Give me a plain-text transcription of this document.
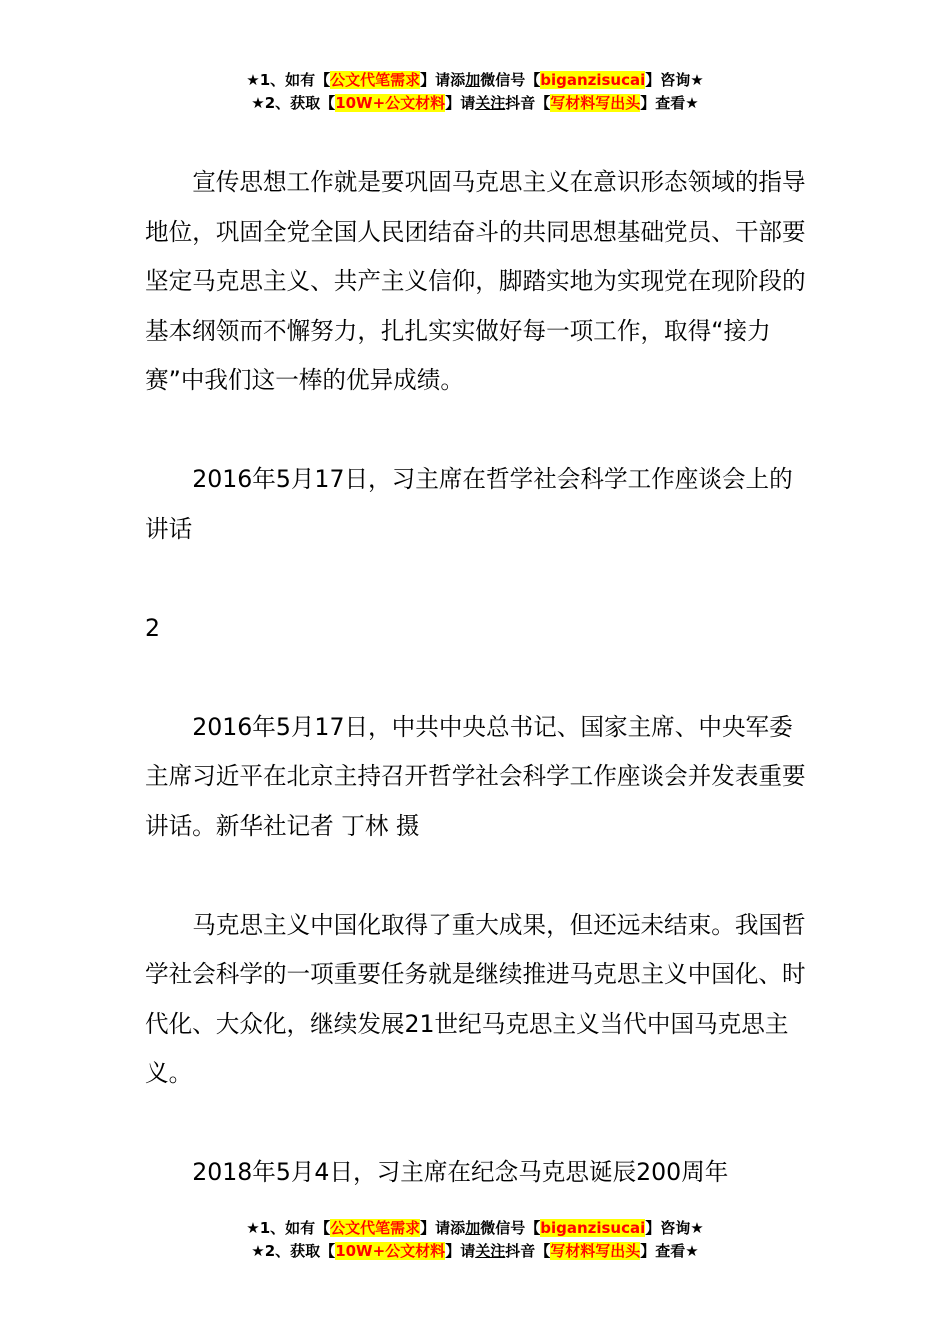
★1、如有【公文代笔需求】请添加微信号【biganzisucai】咨询★
★2、获取【10W+公文材料】请关注抖音【写材料写出头】查看★

宣传思想工作就是要巩固马克思主义在意识形态领域的指导地位，巩固全党全国人民团结奋斗的共同思想基础党员、干部要坚定马克思主义、共产主义信仰，脚踏实地为实现党在现阶段的基本纲领而不懈努力，扎扎实实做好每一项工作，取得“接力赛”中我们这一棒的优异成绩。

2016年5月17日，习主席在哲学社会科学工作座谈会上的讲话

2

2016年5月17日，中共中央总书记、国家主席、中央军委主席习近平在北京主持召开哲学社会科学工作座谈会并发表重要讲话。新华社记者 丁林 摄

马克思主义中国化取得了重大成果，但还远未结束。我国哲学社会科学的一项重要任务就是继续推进马克思主义中国化、时代化、大众化，继续发展21世纪马克思主义当代中国马克思主义。

2018年5月4日，习主席在纪念马克思诞辰200周年

★1、如有【公文代笔需求】请添加微信号【biganzisucai】咨询★
★2、获取【10W+公文材料】请关注抖音【写材料写出头】查看★
